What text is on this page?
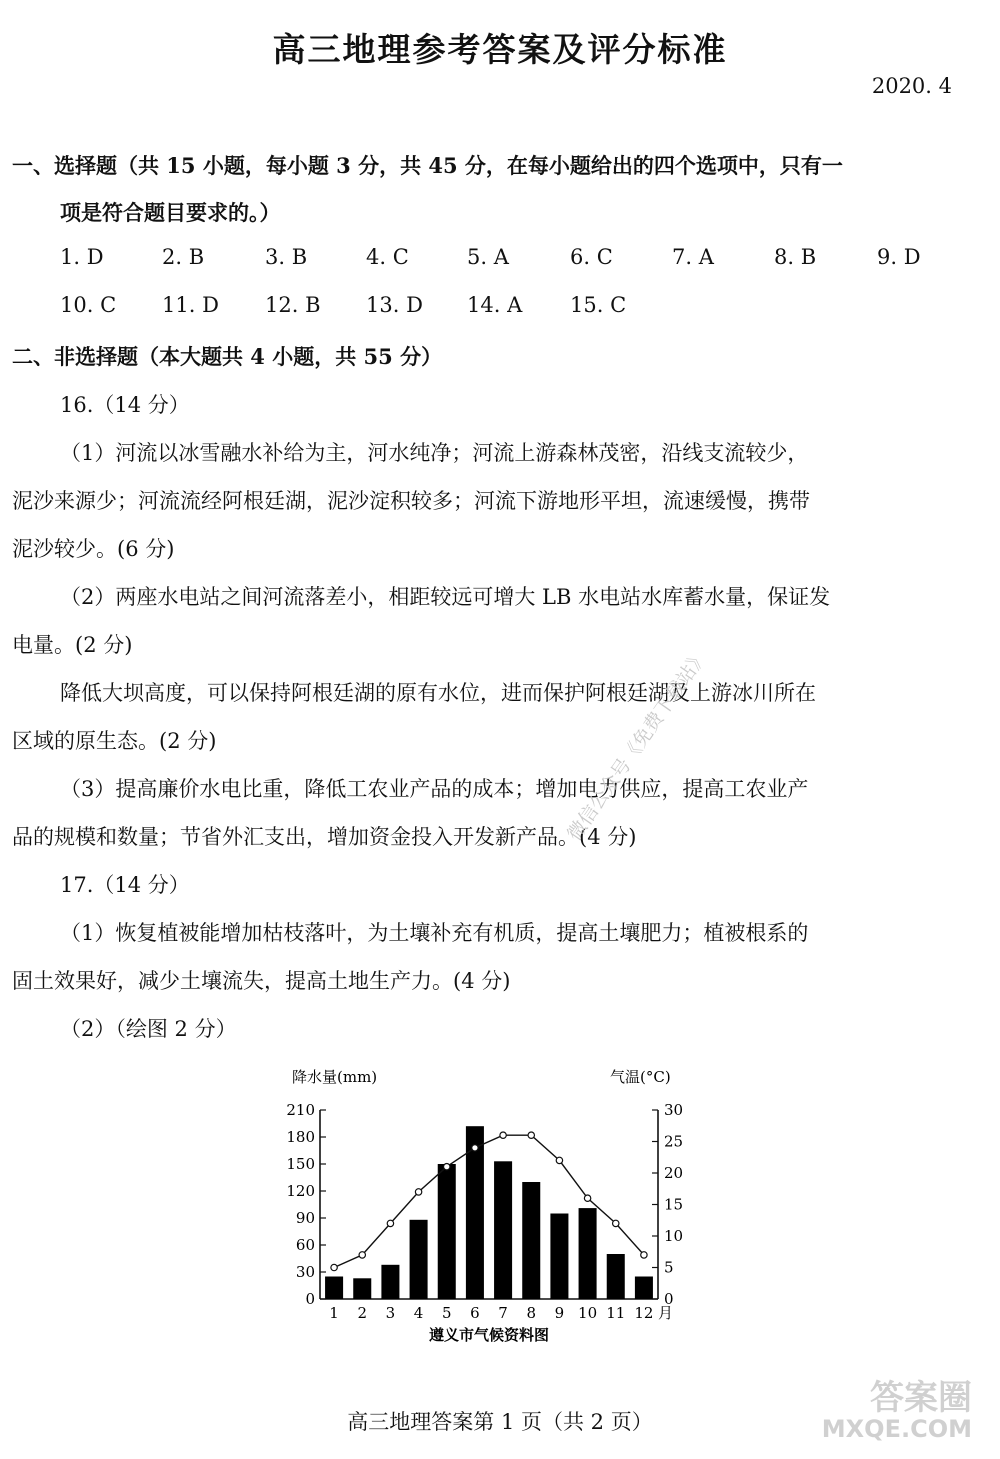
高三地理参考答案及评分标准
2020. 4
一、选择题（共 15 小题，每小题 3 分，共 45 分，在每小题给出的四个选项中，只有一
项是符合题目要求的。）
1. D	2. B	3. B	4. C	5. A	6. C	7. A	8. B	9. D
10. C 11. D 12. B 13. D 14. A 15. C
二、非选择题（本大题共 4 小题，共 55 分）
16.（14 分）
（1）河流以冰雪融水补给为主，河水纯净；河流上游森林茂密，沿线支流较少，
泥沙来源少；河流流经阿根廷湖，泥沙淀积较多；河流下游地形平坦，流速缓慢，携带
泥沙较少。(6 分)
（2）两座水电站之间河流落差小，相距较远可增大 LB 水电站水库蓄水量，保证发
电量。(2 分)
降低大坝高度，可以保持阿根廷湖的原有水位，进而保护阿根廷湖及上游冰川所在
区域的原生态。(2 分)
（3）提高廉价水电比重，降低工农业产品的成本；增加电力供应，提高工农业产
品的规模和数量；节省外汇支出，增加资金投入开发新产品。(4 分)
17.（14 分）
（1）恢复植被能增加枯枝落叶，为土壤补充有机质，提高土壤肥力；植被根系的
固土效果好，减少土壤流失，提高土地生产力。(4 分)
（2）（绘图 2 分）
微信公众号《免费下载站》
降水量(mm)	气温(°C)
0
30
60
90
120
150
180
210
0
5
10
15
20
25
30
1 2 3 4 5 6 7 8 9 10 11 12 月
遵义市气候资料图
高三地理答案第 1 页（共 2 页）
答案圈
MXQE.COM
